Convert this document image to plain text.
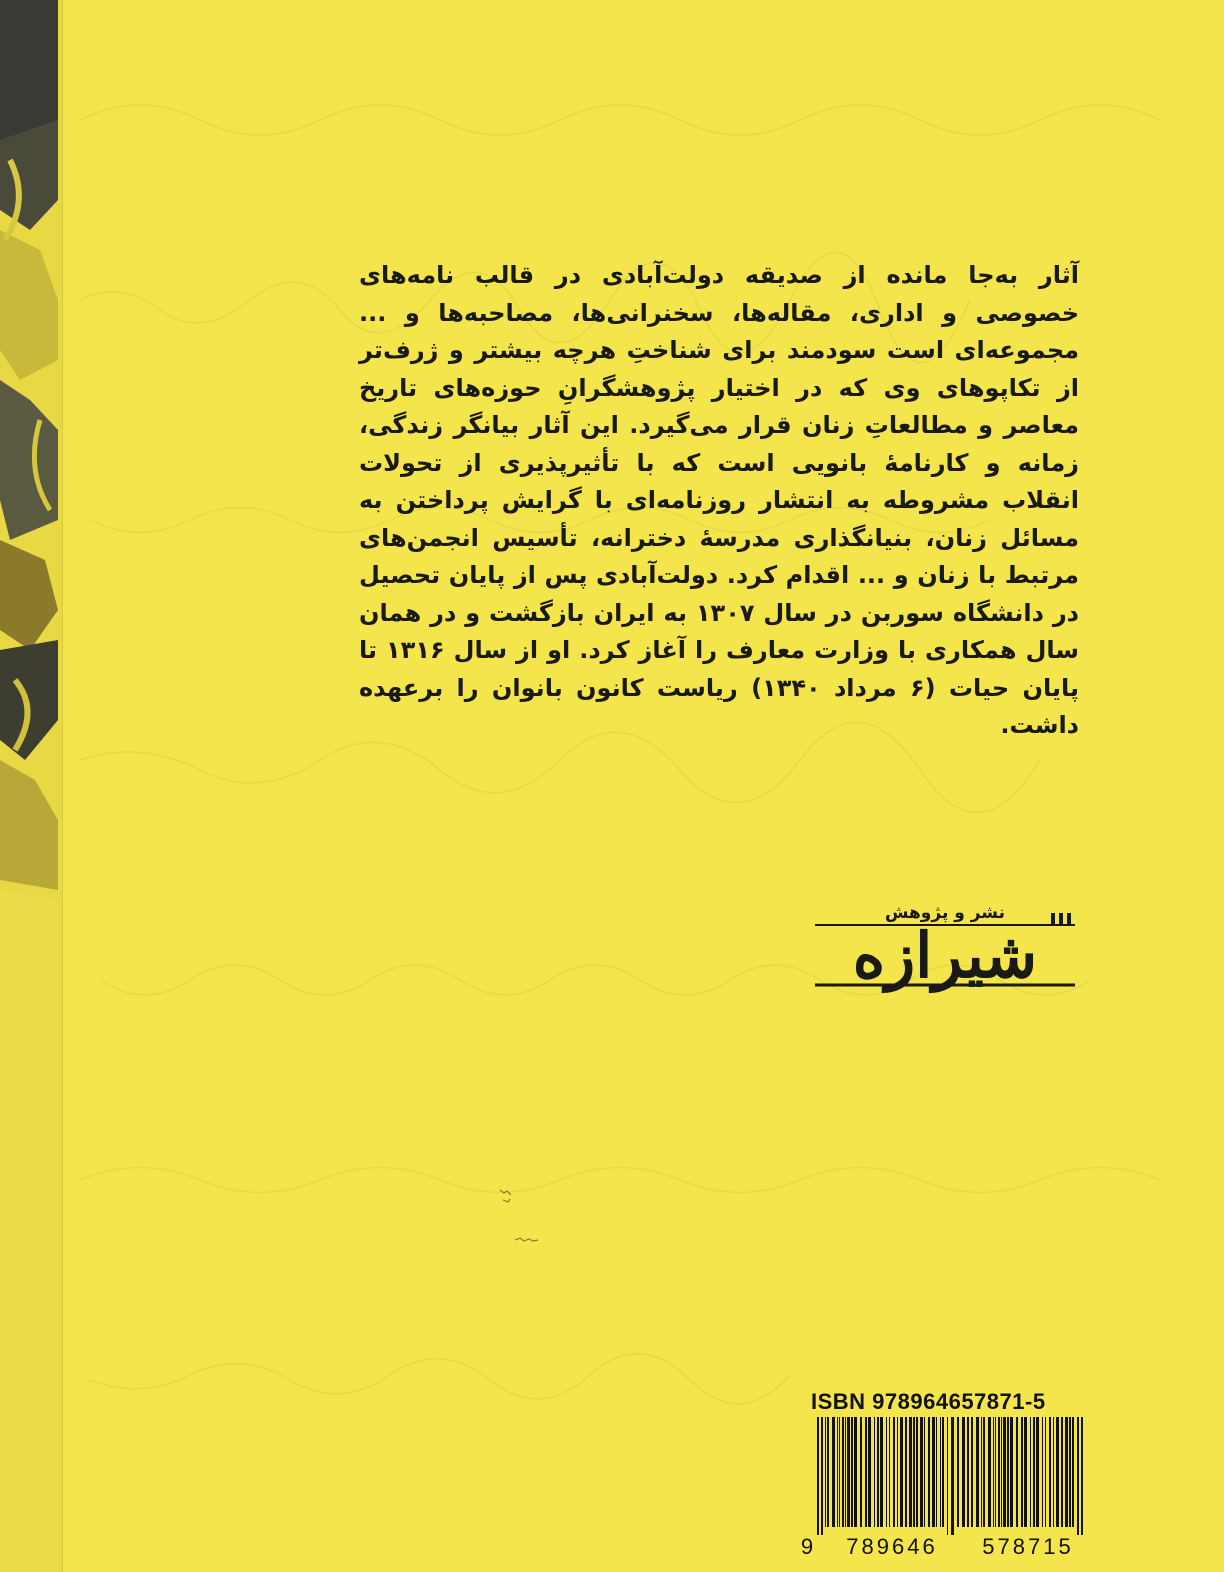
آثار به‌جا مانده از صدیقه دولت‌آبادی در قالب نامه‌های خصوصی و اداری، مقاله‌ها، سخنرانی‌ها، مصاحبه‌ها و ... مجموعه‌ای است سودمند برای شناختِ هرچه بیشتر و ژرف‌تر از تکاپوهای وی که در اختیار پژوهشگرانِ حوزه‌های تاریخ معاصر و مطالعاتِ زنان قرار می‌گیرد. این آثار بیانگر زندگی، زمانه و کارنامهٔ بانویی است که با تأثیرپذیری از تحولات انقلاب مشروطه به انتشار روزنامه‌ای با گرایش پرداختن به مسائل زنان، بنیانگذاری مدرسهٔ دخترانه، تأسیس انجمن‌های مرتبط با زنان و ... اقدام کرد. دولت‌آبادی پس از پایان تحصیل در دانشگاه سوربن در سال ۱۳۰۷ به ایران بازگشت و در همان سال همکاری با وزارت معارف را آغاز کرد. او از سال ۱۳۱۶ تا پایان حیات (۶ مرداد ۱۳۴۰) ریاست کانون بانوان را برعهده داشت.

نشر و پژوهش
شیرازه
ISBN 978964657871-5
9	789646	578715
